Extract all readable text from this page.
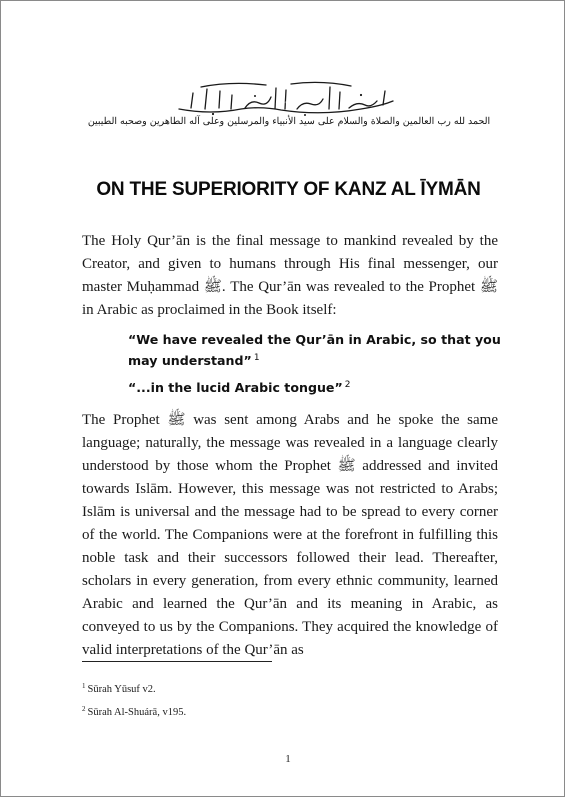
بِسْمِ اللهِ الرَّحْمٰنِ الرَّحِيمِ
الحمد لله رب العالمين والصلاة والسلام على سيد الأنبياء والمرسلين وعلى آله الطاهرين وصحبه الطيبين
ON THE SUPERIORITY OF KANZ AL ĪYMĀN

The Holy Qur’ān is the final message to mankind revealed by the Creator, and given to humans through His final messenger, our master Muḥammad ﷺ. The Qur’ān was revealed to the Prophet ﷺ in Arabic as proclaimed in the Book itself:

“We have revealed the Qur’ān in Arabic, so that you may understand” $^1$
“...in the lucid Arabic tongue” $^2$

The Prophet ﷺ was sent among Arabs and he spoke the same language; naturally, the message was revealed in a language clearly understood by those whom the Prophet ﷺ addressed and invited towards Islām. However, this message was not restricted to Arabs; Islām is universal and the message had to be spread to every corner of the world. The Companions were at the forefront in fulfilling this noble task and their successors followed their lead. Thereafter, scholars in every generation, from every ethnic community, learned Arabic and learned the Qur’ān and its meaning in Arabic, as conveyed to us by the Companions. They acquired the knowledge of valid interpretations of the Qur’ān as

$^1$ Sūrah Yūsuf v2.
$^2$ Sūrah Al-Shuárā, v195.
1
